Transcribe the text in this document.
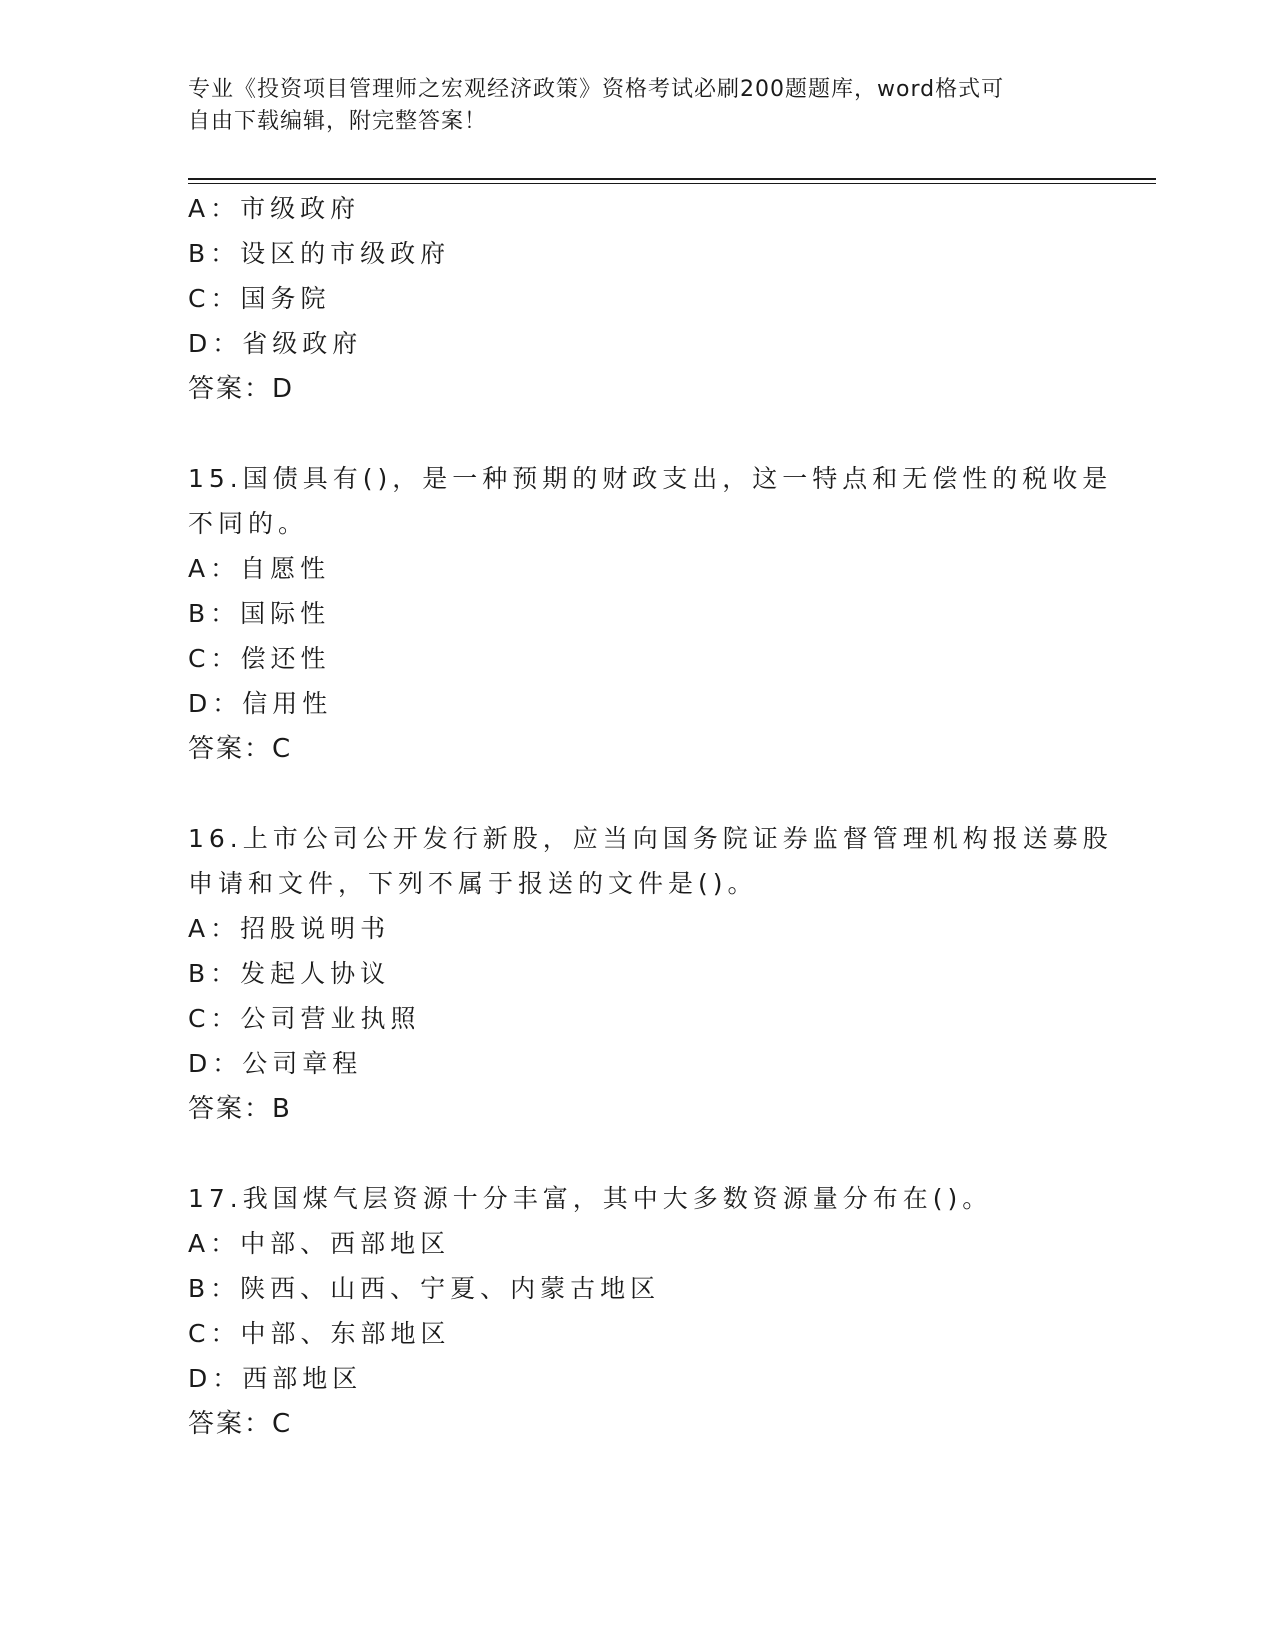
专业《投资项目管理师之宏观经济政策》资格考试必刷200题题库，word格式可
自由下载编辑，附完整答案！
A：市级政府
B：设区的市级政府
C：国务院
D：省级政府
答案：D
15.国债具有()，是一种预期的财政支出，这一特点和无偿性的税收是
不同的。
A：自愿性
B：国际性
C：偿还性
D：信用性
答案：C
16.上市公司公开发行新股，应当向国务院证券监督管理机构报送募股
申请和文件，下列不属于报送的文件是()。
A：招股说明书
B：发起人协议
C：公司营业执照
D：公司章程
答案：B
17.我国煤气层资源十分丰富，其中大多数资源量分布在()。
A：中部、西部地区
B：陕西、山西、宁夏、内蒙古地区
C：中部、东部地区
D：西部地区
答案：C
